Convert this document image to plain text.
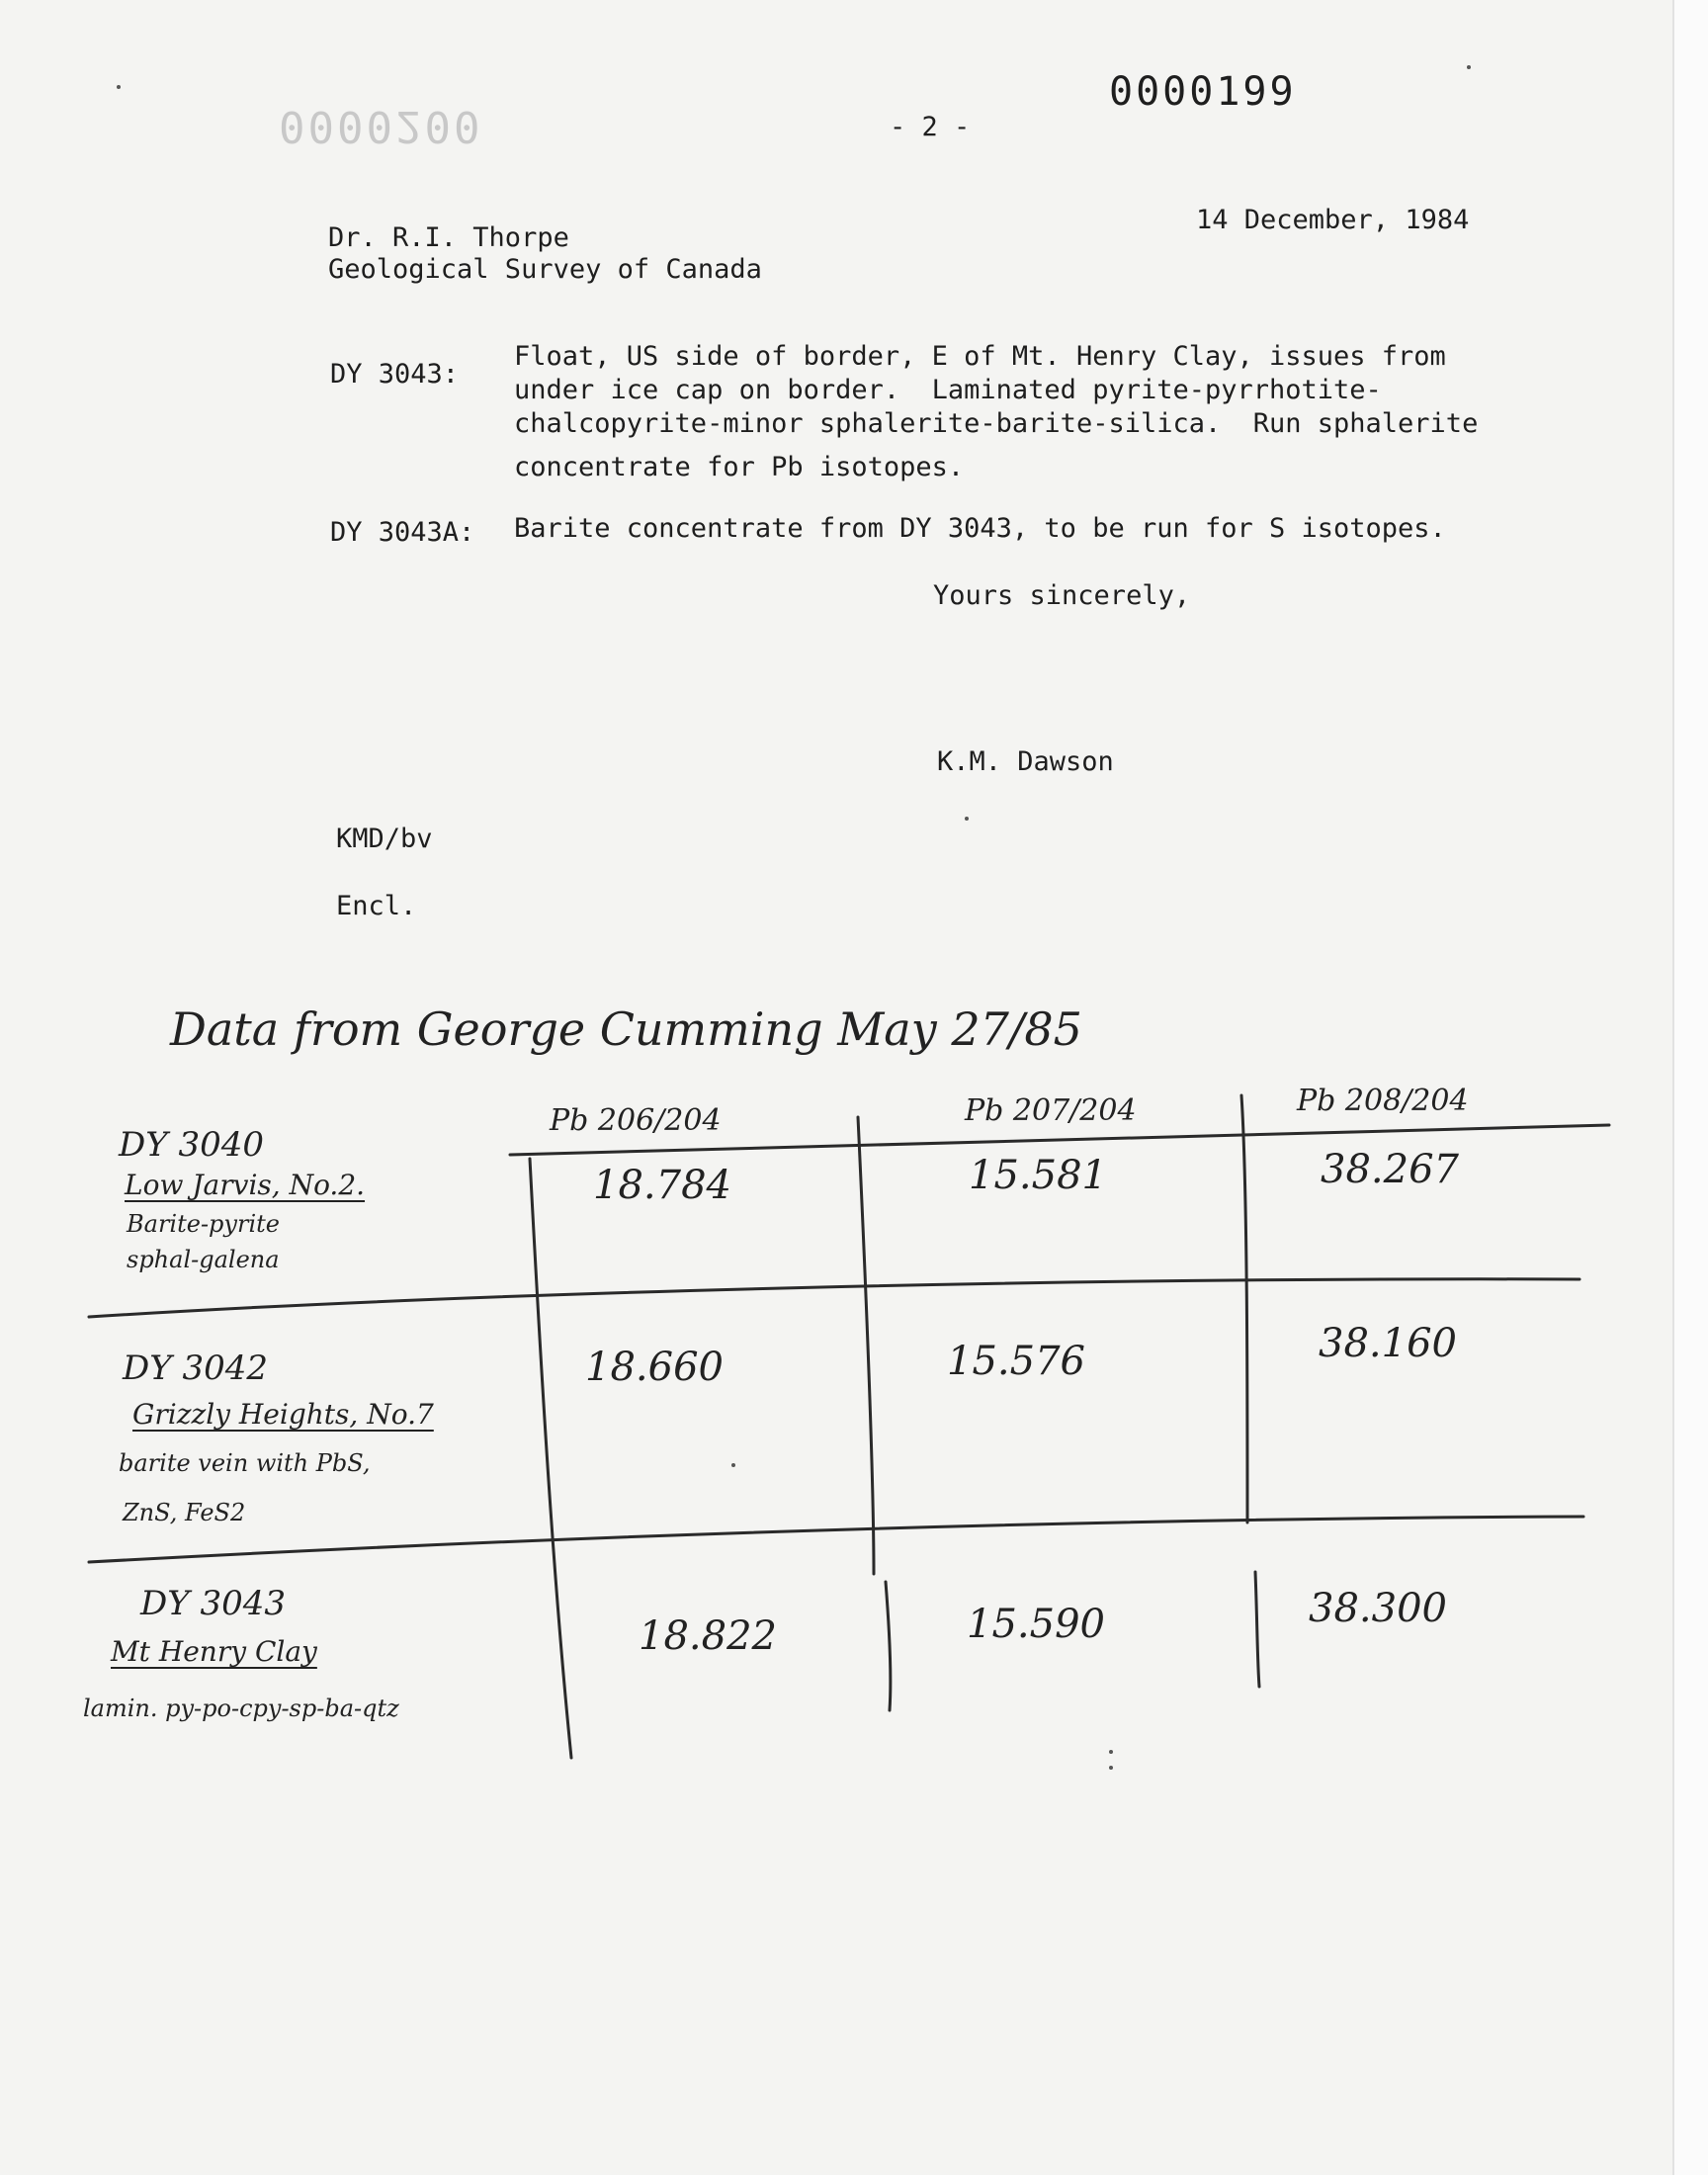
0000199
0000200	- 2 -
14 December, 1984
Dr. R.I. Thorpe
Geological Survey of Canada
DY 3043:
Float, US side of border, E of Mt. Henry Clay, issues from
under ice cap on border.  Laminated pyrite-pyrrhotite-
chalcopyrite-minor sphalerite-barite-silica.  Run sphalerite
concentrate for Pb isotopes.
DY 3043A: Barite concentrate from DY 3043, to be run for S isotopes.
Yours sincerely,
K.M. Dawson
KMD/bv
Encl.
Data from George Cumming May 27/85
Pb 206/204	Pb 207/204	Pb 208/204
DY 3040
Low Jarvis, No.2.
Barite-pyrite
sphal-galena
18.784	15.581	38.267
DY 3042
Grizzly Heights, No.7
barite vein with PbS,
ZnS, FeS2
18.660	15.576	38.160
DY 3043
Mt Henry Clay
lamin. py-po-cpy-sp-ba-qtz
18.822	15.590	38.300
